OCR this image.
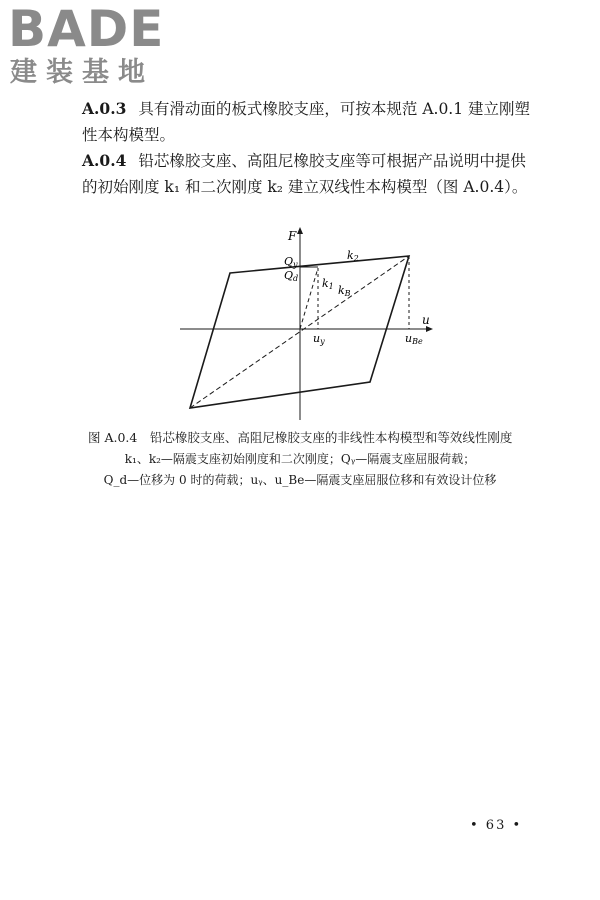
BADE
建装基地
A.0.3 具有滑动面的板式橡胶支座，可按本规范 A.0.1 建立刚塑性本构模型。
A.0.4 铅芯橡胶支座、高阻尼橡胶支座等可根据产品说明中提供的初始刚度 k₁ 和二次刚度 k₂ 建立双线性本构模型（图 A.0.4）。
F
u
Qy
Qd
k2
k1 kB
uy	uBe
图 A.0.4　铅芯橡胶支座、高阻尼橡胶支座的非线性本构模型和等效线性刚度
k₁、k₂—隔震支座初始刚度和二次刚度；Qᵧ—隔震支座屈服荷载；
Q_d—位移为 0 时的荷载；uᵧ、u_Be—隔震支座屈服位移和有效设计位移
• 63 •
